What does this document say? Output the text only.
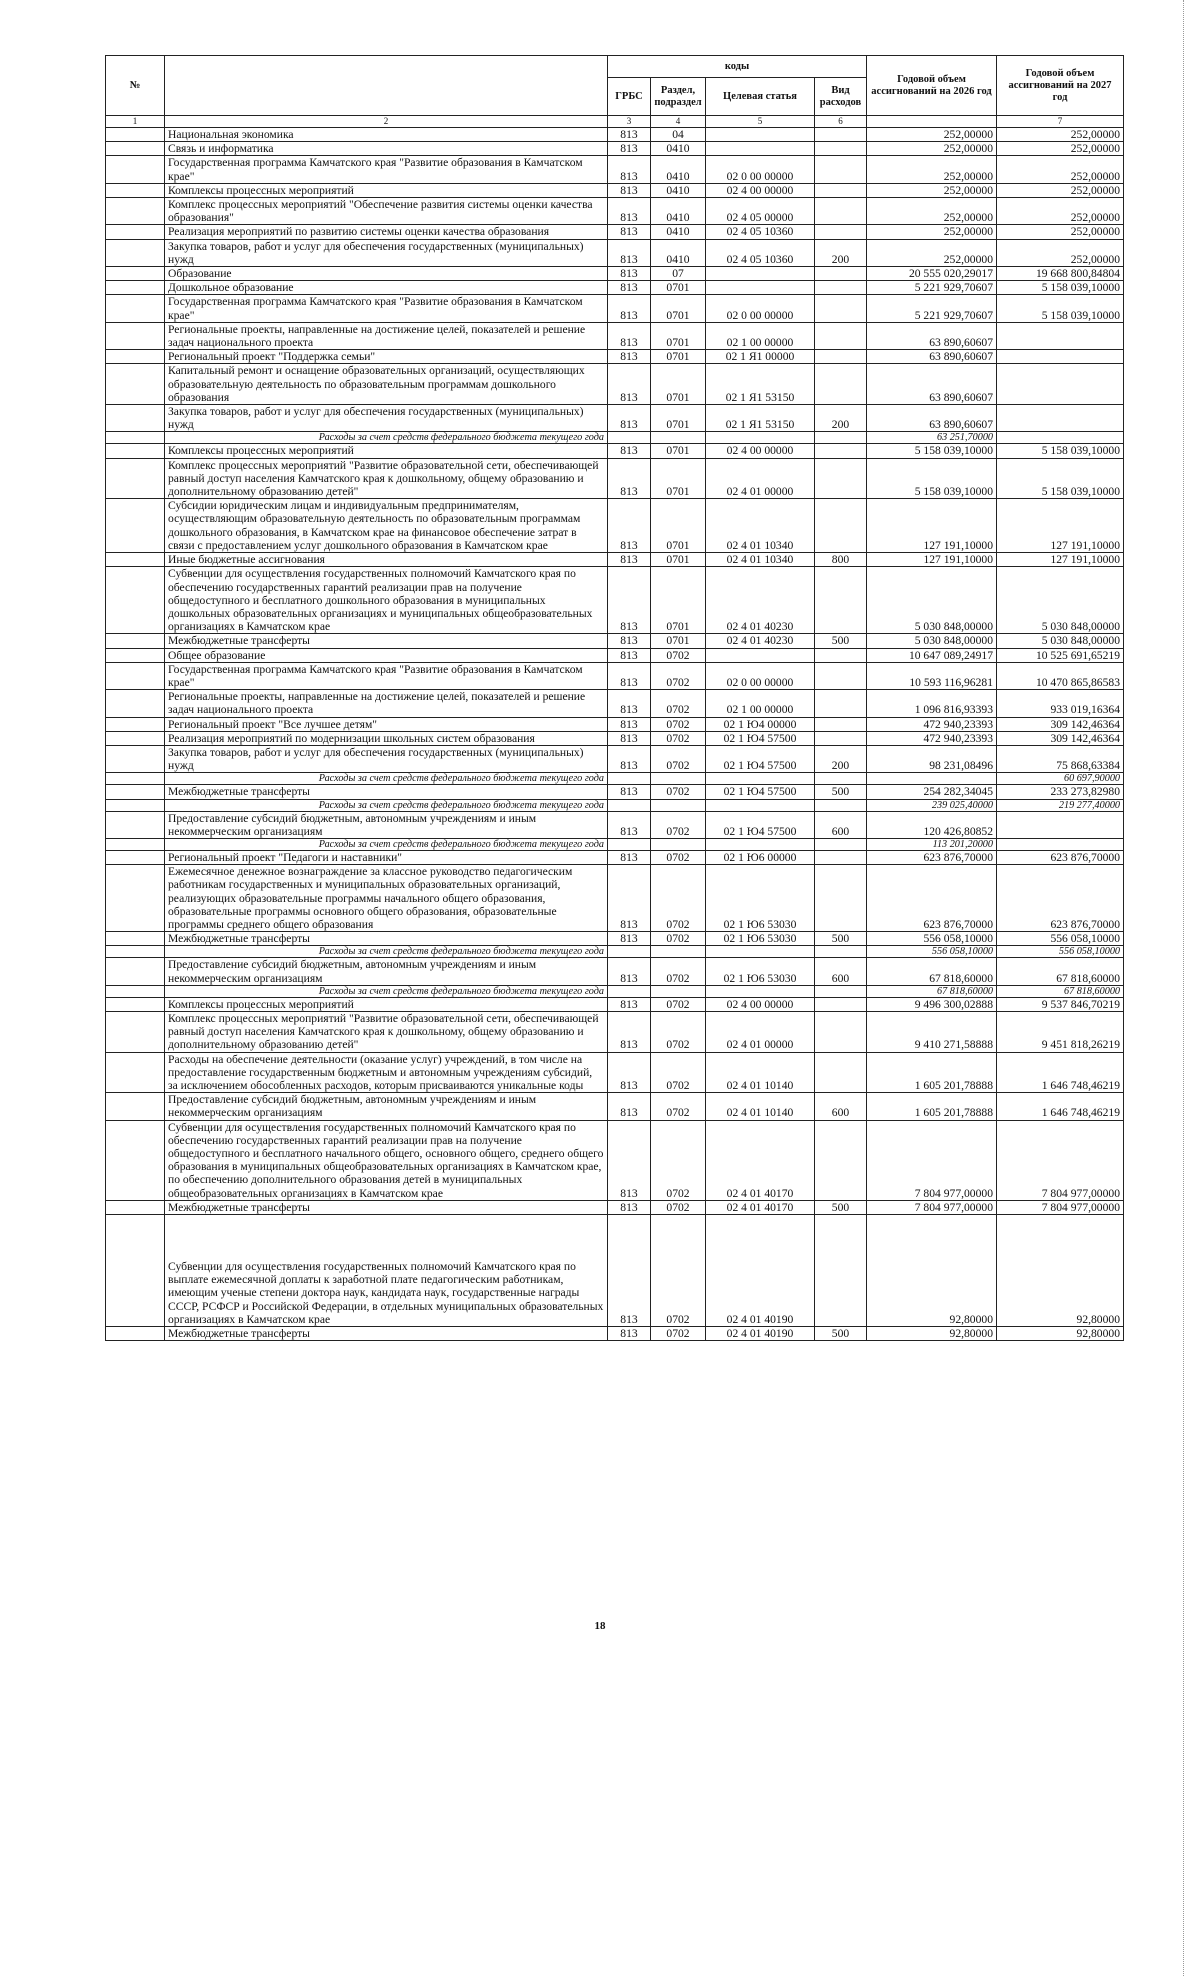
№		коды				Годовой объем ассигнований на 2026 год	Годовой объем ассигнований на 2027 год
		ГРБС	Раздел, подраздел	Целевая статья	Вид расходов		
1	2	3	4	5	6		7
	Национальная экономика	813	04			252,00000	252,00000
	Связь и информатика	813	0410			252,00000	252,00000
	Государственная программа Камчатского края "Развитие образования в Камчатском крае"	813	0410	02 0 00 00000		252,00000	252,00000
	Комплексы процессных мероприятий	813	0410	02 4 00 00000		252,00000	252,00000
	Комплекс процессных мероприятий "Обеспечение развития системы оценки качества образования"	813	0410	02 4 05 00000		252,00000	252,00000
	Реализация мероприятий по развитию системы оценки качества образования	813	0410	02 4 05 10360		252,00000	252,00000
	Закупка товаров, работ и услуг для обеспечения государственных (муниципальных) нужд	813	0410	02 4 05 10360	200	252,00000	252,00000
	Образование	813	07			20 555 020,29017	19 668 800,84804
	Дошкольное образование	813	0701			5 221 929,70607	5 158 039,10000
	Государственная программа Камчатского края "Развитие образования в Камчатском крае"	813	0701	02 0 00 00000		5 221 929,70607	5 158 039,10000
	Региональные проекты, направленные на достижение целей, показателей и решение задач национального проекта	813	0701	02 1 00 00000		63 890,60607	
	Региональный проект "Поддержка семьи"	813	0701	02 1 Я1 00000		63 890,60607	
	Капитальный ремонт и оснащение образовательных организаций, осуществляющих образовательную деятельность по образовательным программам дошкольного образования	813	0701	02 1 Я1 53150		63 890,60607	
	Закупка товаров, работ и услуг для обеспечения государственных (муниципальных) нужд	813	0701	02 1 Я1 53150	200	63 890,60607	
	Расходы за счет средств федерального бюджета текущего года					63 251,70000	
	Комплексы процессных мероприятий	813	0701	02 4 00 00000		5 158 039,10000	5 158 039,10000
	Комплекс процессных мероприятий "Развитие образовательной сети, обеспечивающей равный доступ населения Камчатского края к дошкольному, общему образованию и дополнительному образованию детей"	813	0701	02 4 01 00000		5 158 039,10000	5 158 039,10000
	Субсидии юридическим лицам и индивидуальным предпринимателям, осуществляющим образовательную деятельность по образовательным программам дошкольного образования, в Камчатском крае на финансовое обеспечение затрат в связи с предоставлением услуг дошкольного образования в Камчатском крае	813	0701	02 4 01 10340		127 191,10000	127 191,10000
	Иные бюджетные ассигнования	813	0701	02 4 01 10340	800	127 191,10000	127 191,10000
	Субвенции для осуществления государственных полномочий Камчатского края по обеспечению государственных гарантий реализации прав на получение общедоступного и бесплатного дошкольного образования в муниципальных дошкольных образовательных организациях и муниципальных общеобразовательных организациях в Камчатском крае	813	0701	02 4 01 40230		5 030 848,00000	5 030 848,00000
	Межбюджетные трансферты	813	0701	02 4 01 40230	500	5 030 848,00000	5 030 848,00000
	Общее образование	813	0702			10 647 089,24917	10 525 691,65219
	Государственная программа Камчатского края "Развитие образования в Камчатском крае"	813	0702	02 0 00 00000		10 593 116,96281	10 470 865,86583
	Региональные проекты, направленные на достижение целей, показателей и решение задач национального проекта	813	0702	02 1 00 00000		1 096 816,93393	933 019,16364
	Региональный проект "Все лучшее детям"	813	0702	02 1 Ю4 00000		472 940,23393	309 142,46364
	Реализация мероприятий по модернизации школьных систем образования	813	0702	02 1 Ю4 57500		472 940,23393	309 142,46364
	Закупка товаров, работ и услуг для обеспечения государственных (муниципальных) нужд	813	0702	02 1 Ю4 57500	200	98 231,08496	75 868,63384
	Расходы за счет средств федерального бюджета текущего года						60 697,90000
	Межбюджетные трансферты	813	0702	02 1 Ю4 57500	500	254 282,34045	233 273,82980
	Расходы за счет средств федерального бюджета текущего года					239 025,40000	219 277,40000
	Предоставление субсидий бюджетным, автономным учреждениям и иным некоммерческим организациям	813	0702	02 1 Ю4 57500	600	120 426,80852	
	Расходы за счет средств федерального бюджета текущего года					113 201,20000	
	Региональный проект "Педагоги и наставники"	813	0702	02 1 Ю6 00000		623 876,70000	623 876,70000
	Ежемесячное денежное вознаграждение за классное руководство педагогическим работникам государственных и муниципальных образовательных организаций, реализующих образовательные программы начального общего образования, образовательные программы основного общего образования, образовательные программы среднего общего образования	813	0702	02 1 Ю6 53030		623 876,70000	623 876,70000
	Межбюджетные трансферты	813	0702	02 1 Ю6 53030	500	556 058,10000	556 058,10000
	Расходы за счет средств федерального бюджета текущего года					556 058,10000	556 058,10000
	Предоставление субсидий бюджетным, автономным учреждениям и иным некоммерческим организациям	813	0702	02 1 Ю6 53030	600	67 818,60000	67 818,60000
	Расходы за счет средств федерального бюджета текущего года					67 818,60000	67 818,60000
	Комплексы процессных мероприятий	813	0702	02 4 00 00000		9 496 300,02888	9 537 846,70219
	Комплекс процессных мероприятий "Развитие образовательной сети, обеспечивающей равный доступ населения Камчатского края к дошкольному, общему образованию и дополнительному образованию детей"	813	0702	02 4 01 00000		9 410 271,58888	9 451 818,26219
	Расходы на обеспечение деятельности (оказание услуг) учреждений, в том числе на предоставление государственным бюджетным и автономным учреждениям субсидий, за исключением обособленных расходов, которым присваиваются уникальные коды	813	0702	02 4 01 10140		1 605 201,78888	1 646 748,46219
	Предоставление субсидий бюджетным, автономным учреждениям и иным некоммерческим организациям	813	0702	02 4 01 10140	600	1 605 201,78888	1 646 748,46219
	Субвенции для осуществления государственных полномочий Камчатского края по обеспечению государственных гарантий реализации прав на получение общедоступного и бесплатного начального общего, основного общего, среднего общего образования в муниципальных общеобразовательных организациях в Камчатском крае, по обеспечению дополнительного образования детей в муниципальных общеобразовательных организациях в Камчатском крае	813	0702	02 4 01 40170		7 804 977,00000	7 804 977,00000
	Межбюджетные трансферты	813	0702	02 4 01 40170	500	7 804 977,00000	7 804 977,00000
	Субвенции для осуществления государственных полномочий Камчатского края по выплате ежемесячной доплаты к заработной плате педагогическим работникам, имеющим ученые степени доктора наук, кандидата наук, государственные награды СССР, РСФСР и Российской Федерации, в отдельных муниципальных образовательных организациях в Камчатском крае	813	0702	02 4 01 40190		92,80000	92,80000
	Межбюджетные трансферты	813	0702	02 4 01 40190	500	92,80000	92,80000
18
